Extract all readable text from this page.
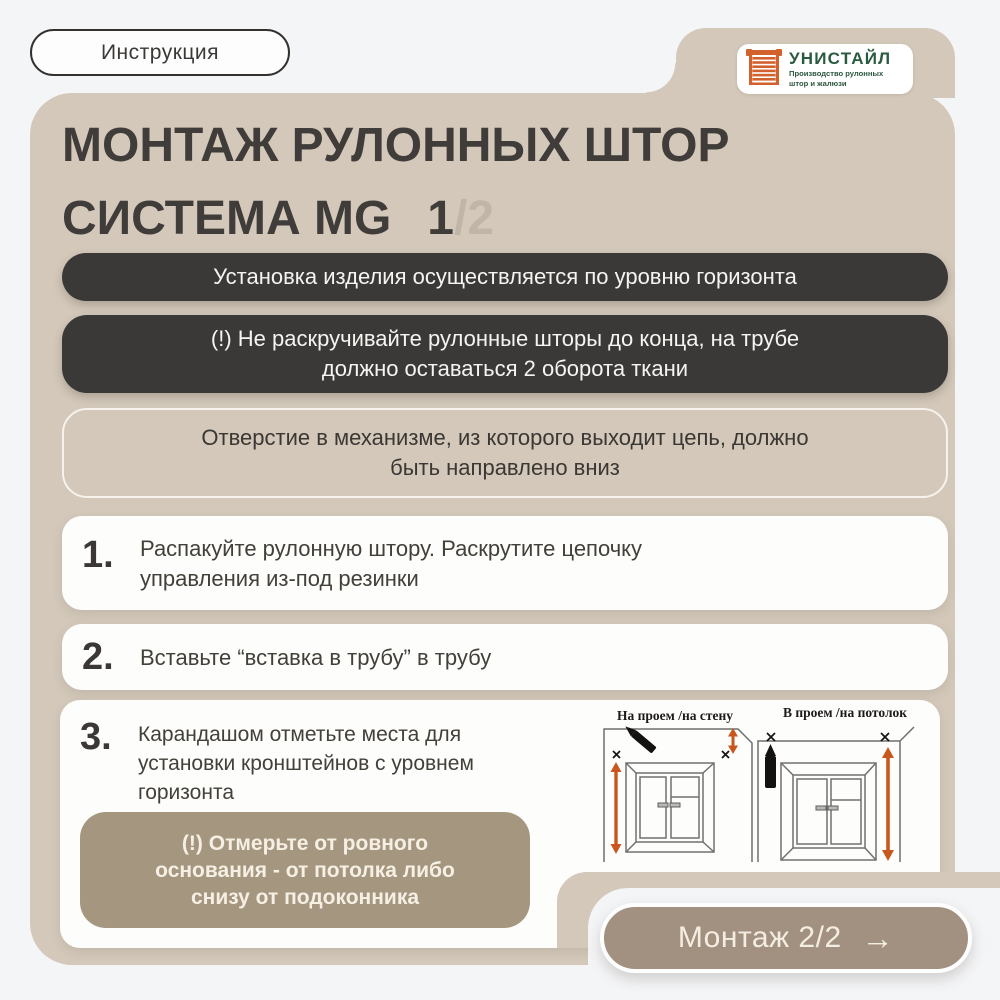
Инструкция	УНИСТАЙЛ
Производство рулонных
штор и жалюзи
МОНТАЖ РУЛОННЫХ ШТОР
СИСТЕМА MG 1/2
Установка изделия осуществляется по уровню горизонта
(!) Не раскручивайте рулонные шторы до конца, на трубе
должно оставаться 2 оборота ткани
Отверстие в механизме, из которого выходит цепь, должно
быть направлено вниз
1. Распакуйте рулонную штору. Раскрутите цепочку
управления из-под резинки
2. Вставьте “вставка в трубу” в трубу
3. Карандашом отметьте места для
установки кронштейнов с уровнем
горизонта
(!) Отмерьте от ровного
основания - от потолка либо
снизу от подоконника
На проем /на стену	В проем /на потолок
Монтаж 2/2 →
